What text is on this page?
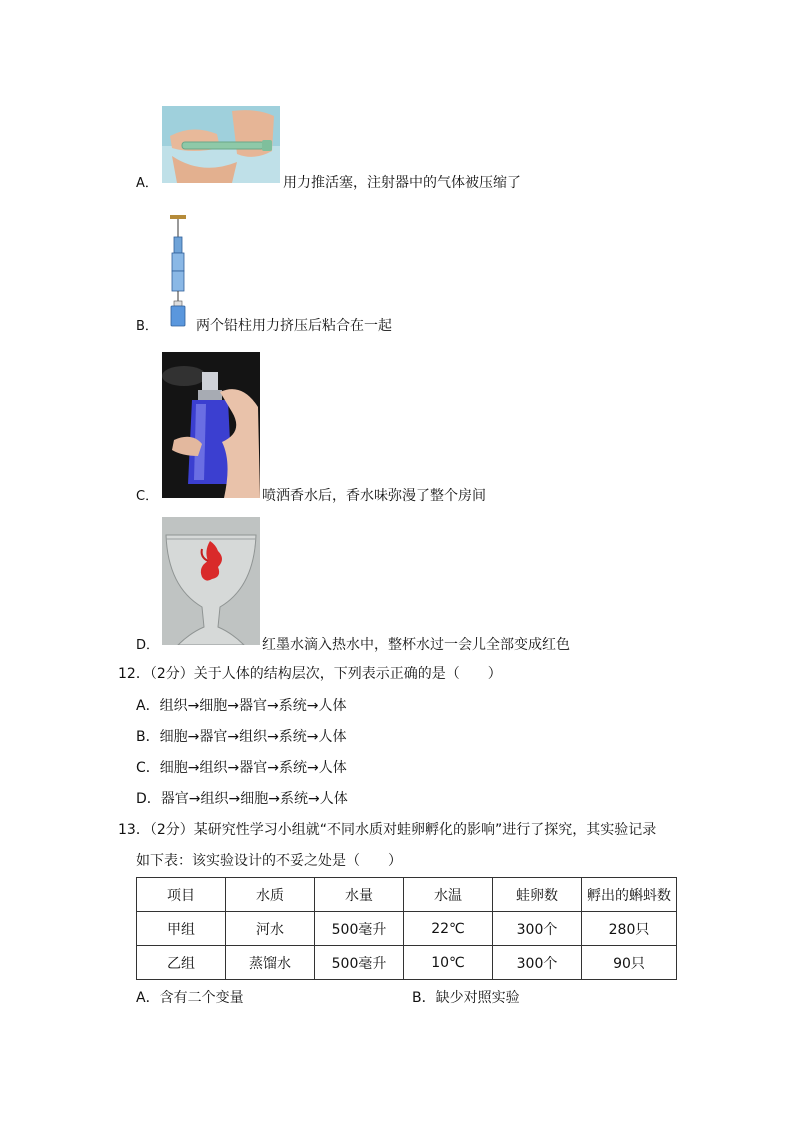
A．	用力推活塞，注射器中的气体被压缩了
B．	两个铅柱用力挤压后粘合在一起
C．	喷洒香水后，香水味弥漫了整个房间
D．	红墨水滴入热水中，整杯水过一会儿全部变成红色
12．（2分）关于人体的结构层次，下列表示正确的是（　　）
A．组织→细胞→器官→系统→人体
B．细胞→器官→组织→系统→人体
C．细胞→组织→器官→系统→人体
D．器官→组织→细胞→系统→人体
13．（2分）某研究性学习小组就“不同水质对蛙卵孵化的影响”进行了探究，其实验记录
如下表：该实验设计的不妥之处是（　　）
项目	水质	水量	水温	蛙卵数	孵出的蝌蚪数
甲组	河水	500毫升	22℃	300个	280只
乙组	蒸馏水	500毫升	10℃	300个	90只
A．含有二个变量	B．缺少对照实验
